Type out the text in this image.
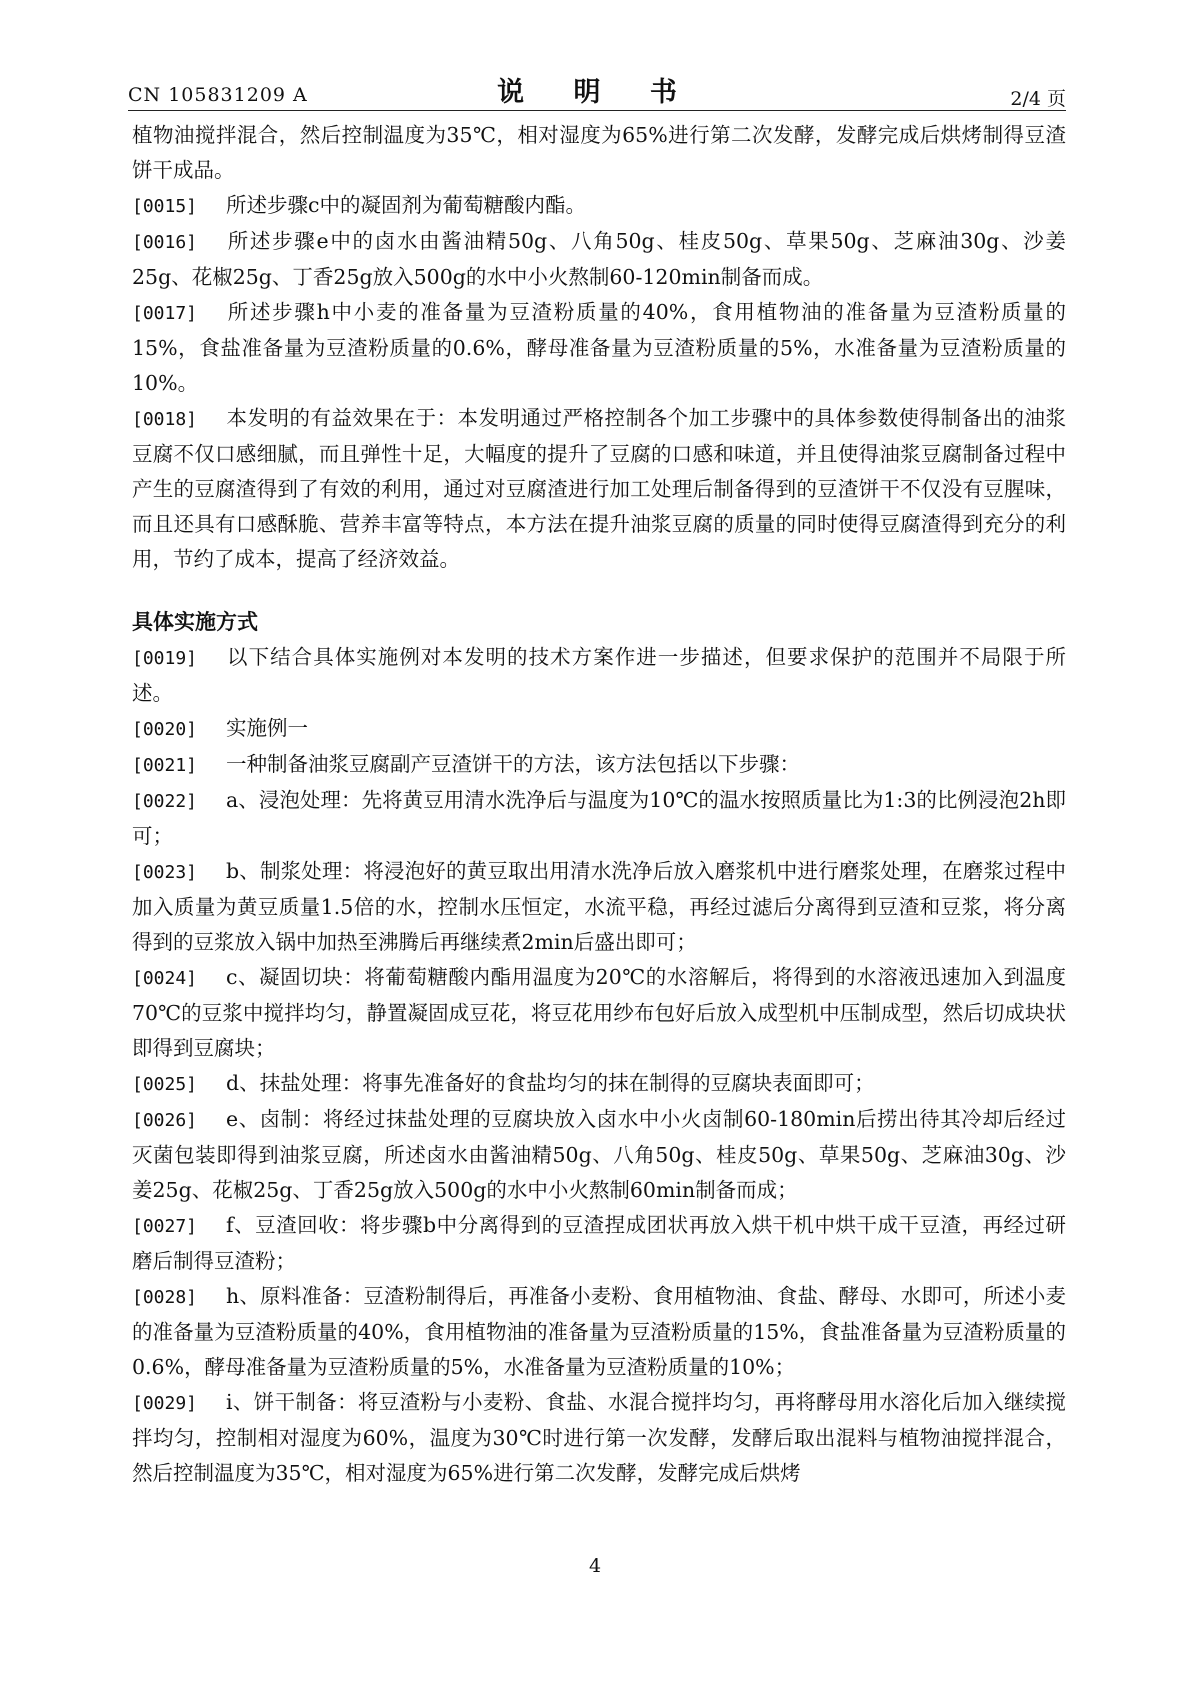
CN 105831209 A	说 明 书	2/4 页

植物油搅拌混合，然后控制温度为35℃，相对湿度为65%进行第二次发酵，发酵完成后烘烤制得豆渣饼干成品。

[0015] 所述步骤c中的凝固剂为葡萄糖酸内酯。

[0016] 所述步骤e中的卤水由酱油精50g、八角50g、桂皮50g、草果50g、芝麻油30g、沙姜25g、花椒25g、丁香25g放入500g的水中小火熬制60-120min制备而成。

[0017] 所述步骤h中小麦的准备量为豆渣粉质量的40%，食用植物油的准备量为豆渣粉质量的15%，食盐准备量为豆渣粉质量的0.6%，酵母准备量为豆渣粉质量的5%，水准备量为豆渣粉质量的10%。

[0018] 本发明的有益效果在于：本发明通过严格控制各个加工步骤中的具体参数使得制备出的油浆豆腐不仅口感细腻，而且弹性十足，大幅度的提升了豆腐的口感和味道，并且使得油浆豆腐制备过程中产生的豆腐渣得到了有效的利用，通过对豆腐渣进行加工处理后制备得到的豆渣饼干不仅没有豆腥味，而且还具有口感酥脆、营养丰富等特点，本方法在提升油浆豆腐的质量的同时使得豆腐渣得到充分的利用，节约了成本，提高了经济效益。

具体实施方式

[0019] 以下结合具体实施例对本发明的技术方案作进一步描述，但要求保护的范围并不局限于所述。

[0020] 实施例一

[0021] 一种制备油浆豆腐副产豆渣饼干的方法，该方法包括以下步骤：

[0022] a、浸泡处理：先将黄豆用清水洗净后与温度为10℃的温水按照质量比为1:3的比例浸泡2h即可；

[0023] b、制浆处理：将浸泡好的黄豆取出用清水洗净后放入磨浆机中进行磨浆处理，在磨浆过程中加入质量为黄豆质量1.5倍的水，控制水压恒定，水流平稳，再经过滤后分离得到豆渣和豆浆，将分离得到的豆浆放入锅中加热至沸腾后再继续煮2min后盛出即可；

[0024] c、凝固切块：将葡萄糖酸内酯用温度为20℃的水溶解后，将得到的水溶液迅速加入到温度70℃的豆浆中搅拌均匀，静置凝固成豆花，将豆花用纱布包好后放入成型机中压制成型，然后切成块状即得到豆腐块；

[0025] d、抹盐处理：将事先准备好的食盐均匀的抹在制得的豆腐块表面即可；

[0026] e、卤制：将经过抹盐处理的豆腐块放入卤水中小火卤制60-180min后捞出待其冷却后经过灭菌包装即得到油浆豆腐，所述卤水由酱油精50g、八角50g、桂皮50g、草果50g、芝麻油30g、沙姜25g、花椒25g、丁香25g放入500g的水中小火熬制60min制备而成；

[0027] f、豆渣回收：将步骤b中分离得到的豆渣捏成团状再放入烘干机中烘干成干豆渣，再经过研磨后制得豆渣粉；

[0028] h、原料准备：豆渣粉制得后，再准备小麦粉、食用植物油、食盐、酵母、水即可，所述小麦的准备量为豆渣粉质量的40%，食用植物油的准备量为豆渣粉质量的15%，食盐准备量为豆渣粉质量的0.6%，酵母准备量为豆渣粉质量的5%，水准备量为豆渣粉质量的10%；

[0029] i、饼干制备：将豆渣粉与小麦粉、食盐、水混合搅拌均匀，再将酵母用水溶化后加入继续搅拌均匀，控制相对湿度为60%，温度为30℃时进行第一次发酵，发酵后取出混料与植物油搅拌混合，然后控制温度为35℃，相对湿度为65%进行第二次发酵，发酵完成后烘烤

4
